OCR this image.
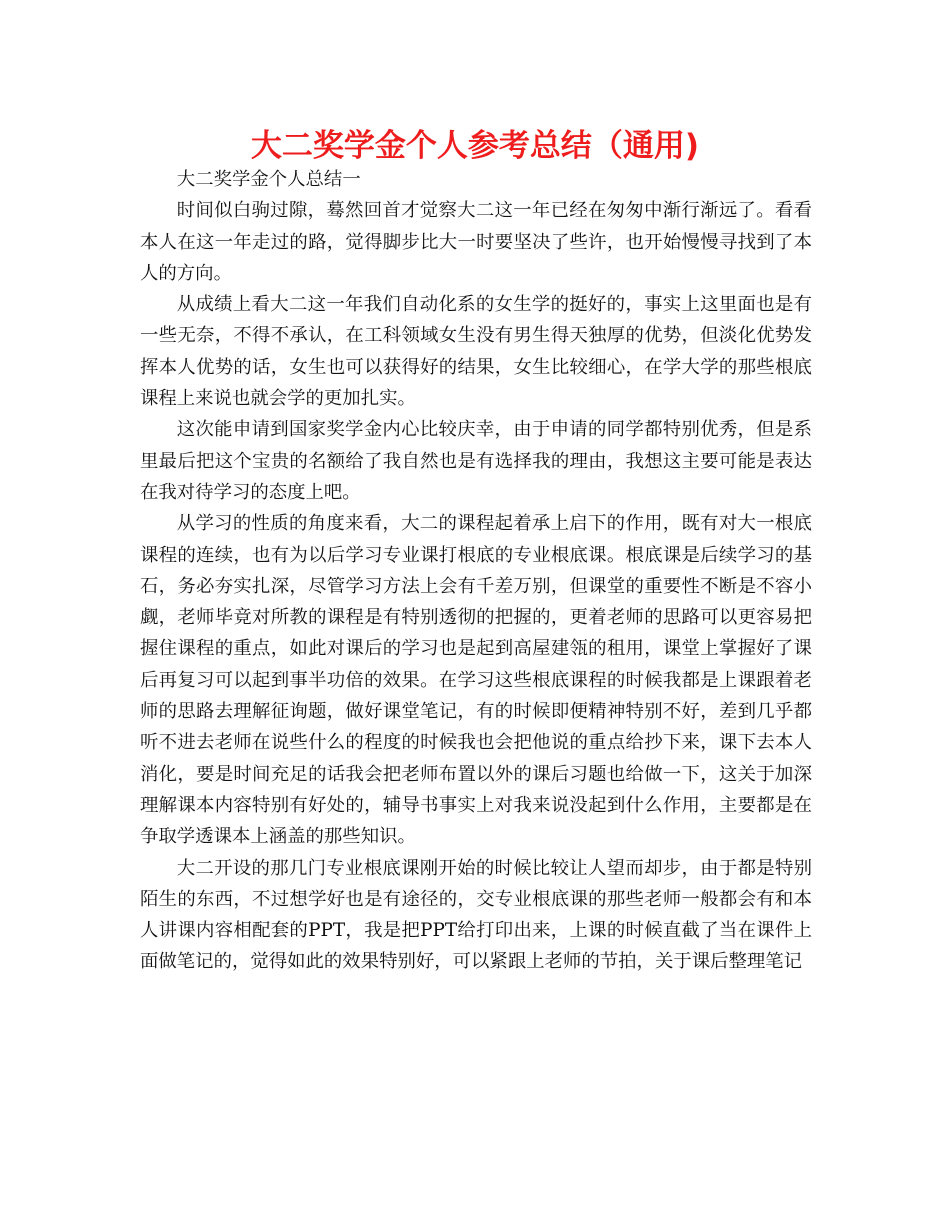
大二奖学金个人参考总结（通用)

大二奖学金个人总结一

时间似白驹过隙，蓦然回首才觉察大二这一年已经在匆匆中渐行渐远了。看看本人在这一年走过的路，觉得脚步比大一时要坚决了些许，也开始慢慢寻找到了本人的方向。

从成绩上看大二这一年我们自动化系的女生学的挺好的，事实上这里面也是有一些无奈，不得不承认，在工科领域女生没有男生得天独厚的优势，但淡化优势发挥本人优势的话，女生也可以获得好的结果，女生比较细心，在学大学的那些根底课程上来说也就会学的更加扎实。

这次能申请到国家奖学金内心比较庆幸，由于申请的同学都特别优秀，但是系里最后把这个宝贵的名额给了我自然也是有选择我的理由，我想这主要可能是表达在我对待学习的态度上吧。

从学习的性质的角度来看，大二的课程起着承上启下的作用，既有对大一根底课程的连续，也有为以后学习专业课打根底的专业根底课。根底课是后续学习的基石，务必夯实扎深，尽管学习方法上会有千差万别，但课堂的重要性不断是不容小觑，老师毕竟对所教的课程是有特别透彻的把握的，更着老师的思路可以更容易把握住课程的重点，如此对课后的学习也是起到高屋建瓴的租用，课堂上掌握好了课后再复习可以起到事半功倍的效果。在学习这些根底课程的时候我都是上课跟着老师的思路去理解征询题，做好课堂笔记，有的时候即便精神特别不好，差到几乎都听不进去老师在说些什么的程度的时候我也会把他说的重点给抄下来，课下去本人消化，要是时间充足的话我会把老师布置以外的课后习题也给做一下，这关于加深理解课本内容特别有好处的，辅导书事实上对我来说没起到什么作用，主要都是在争取学透课本上涵盖的那些知识。

大二开设的那几门专业根底课刚开始的时候比较让人望而却步，由于都是特别陌生的东西，不过想学好也是有途径的，交专业根底课的那些老师一般都会有和本人讲课内容相配套的PPT，我是把PPT给打印出来，上课的时候直截了当在课件上面做笔记的，觉得如此的效果特别好，可以紧跟上老师的节拍，关于课后整理笔记
